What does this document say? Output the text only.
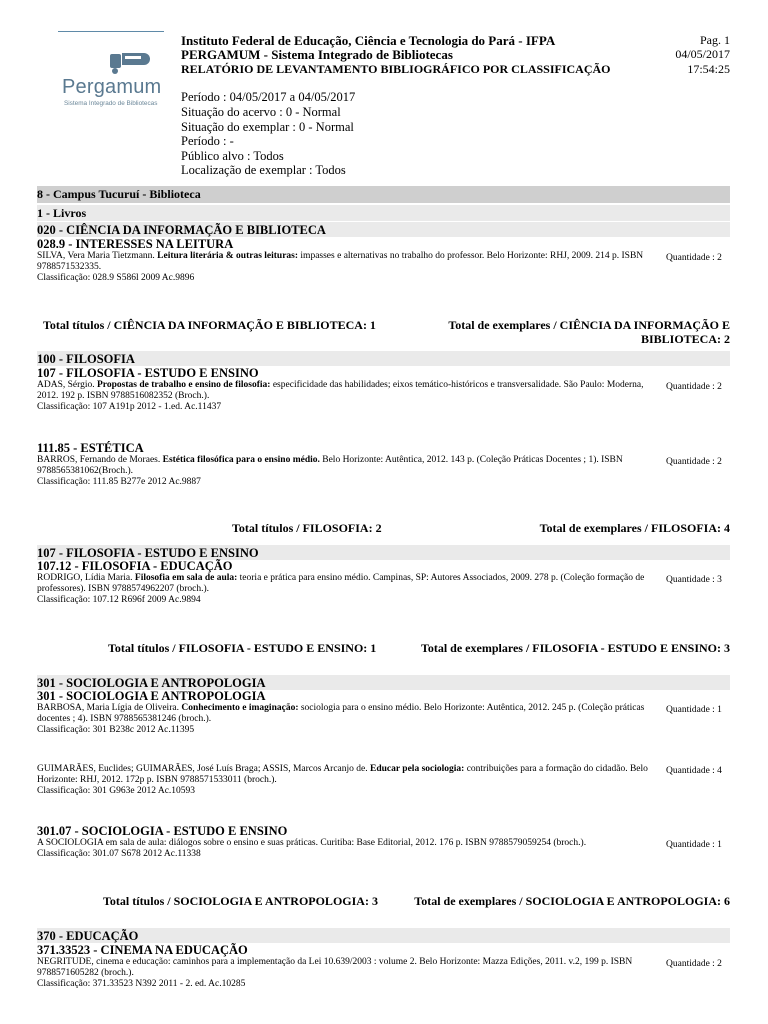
Pergamum
Sistema Integrado de Bibliotecas
Instituto Federal de Educação, Ciência e Tecnologia do Pará - IFPA
PERGAMUM - Sistema Integrado de Bibliotecas
RELATÓRIO DE LEVANTAMENTO BIBLIOGRÁFICO POR CLASSIFICAÇÃO
Pag. 1
04/05/2017
17:54:25
Período : 04/05/2017 a 04/05/2017
Situação do acervo : 0 - Normal
Situação do exemplar : 0 - Normal
Período : -
Público alvo : Todos
Localização de exemplar : Todos
8 - Campus Tucuruí - Biblioteca
1 - Livros
020 - CIÊNCIA DA INFORMAÇÃO E BIBLIOTECA
028.9 - INTERESSES NA LEITURA
SILVA, Vera Maria Tietzmann. Leitura literária & outras leituras: impasses e alternativas no trabalho do professor. Belo Horizonte: RHJ, 2009. 214 p. ISBN 9788571532335.
Classificação: 028.9 S586l 2009 Ac.9896
Quantidade : 2
Total títulos / CIÊNCIA DA INFORMAÇÃO E BIBLIOTECA: 1	Total de exemplares / CIÊNCIA DA INFORMAÇÃO E
BIBLIOTECA: 2
100 - FILOSOFIA
107 - FILOSOFIA - ESTUDO E ENSINO
ADAS, Sérgio. Propostas de trabalho e ensino de filosofia: especificidade das habilidades; eixos temático-históricos e transversalidade. São Paulo: Moderna, 2012. 192 p. ISBN 9788516082352 (Broch.).
Classificação: 107 A191p 2012 - 1.ed. Ac.11437
Quantidade : 2
111.85 - ESTÉTICA
BARROS, Fernando de Moraes. Estética filosófica para o ensino médio. Belo Horizonte: Autêntica, 2012. 143 p. (Coleção Práticas Docentes ; 1). ISBN 9788565381062(Broch.).
Classificação: 111.85 B277e 2012 Ac.9887
Quantidade : 2
Total títulos / FILOSOFIA: 2	Total de exemplares / FILOSOFIA: 4
107 - FILOSOFIA - ESTUDO E ENSINO
107.12 - FILOSOFIA - EDUCAÇÃO
RODRIGO, Lídia Maria. Filosofia em sala de aula: teoria e prática para ensino médio. Campinas, SP: Autores Associados, 2009. 278 p. (Coleção formação de professores). ISBN 9788574962207 (broch.).
Classificação: 107.12 R696f 2009 Ac.9894
Quantidade : 3
Total títulos / FILOSOFIA - ESTUDO E ENSINO: 1	Total de exemplares / FILOSOFIA - ESTUDO E ENSINO: 3
301 - SOCIOLOGIA E ANTROPOLOGIA
301 - SOCIOLOGIA E ANTROPOLOGIA
BARBOSA, Maria Lígia de Oliveira. Conhecimento e imaginação: sociologia para o ensino médio. Belo Horizonte: Autêntica, 2012. 245 p. (Coleção práticas docentes ; 4). ISBN 9788565381246 (broch.).
Classificação: 301 B238c 2012 Ac.11395
Quantidade : 1
GUIMARÃES, Euclides; GUIMARÃES, José Luís Braga; ASSIS, Marcos Arcanjo de. Educar pela sociologia: contribuições para a formação do cidadão. Belo Horizonte: RHJ, 2012. 172p p. ISBN 9788571533011 (broch.).
Classificação: 301 G963e 2012 Ac.10593
Quantidade : 4
301.07 - SOCIOLOGIA - ESTUDO E ENSINO
A SOCIOLOGIA em sala de aula: diálogos sobre o ensino e suas práticas. Curitiba: Base Editorial, 2012. 176 p. ISBN 9788579059254 (broch.).
Classificação: 301.07 S678 2012 Ac.11338
Quantidade : 1
Total títulos / SOCIOLOGIA E ANTROPOLOGIA: 3	Total de exemplares / SOCIOLOGIA E ANTROPOLOGIA: 6
370 - EDUCAÇÃO
371.33523 - CINEMA NA EDUCAÇÃO
NEGRITUDE, cinema e educação: caminhos para a implementação da Lei 10.639/2003 : volume 2. Belo Horizonte: Mazza Edições, 2011. v.2, 199 p. ISBN 9788571605282 (broch.).
Classificação: 371.33523 N392 2011 - 2. ed. Ac.10285
Quantidade : 2
